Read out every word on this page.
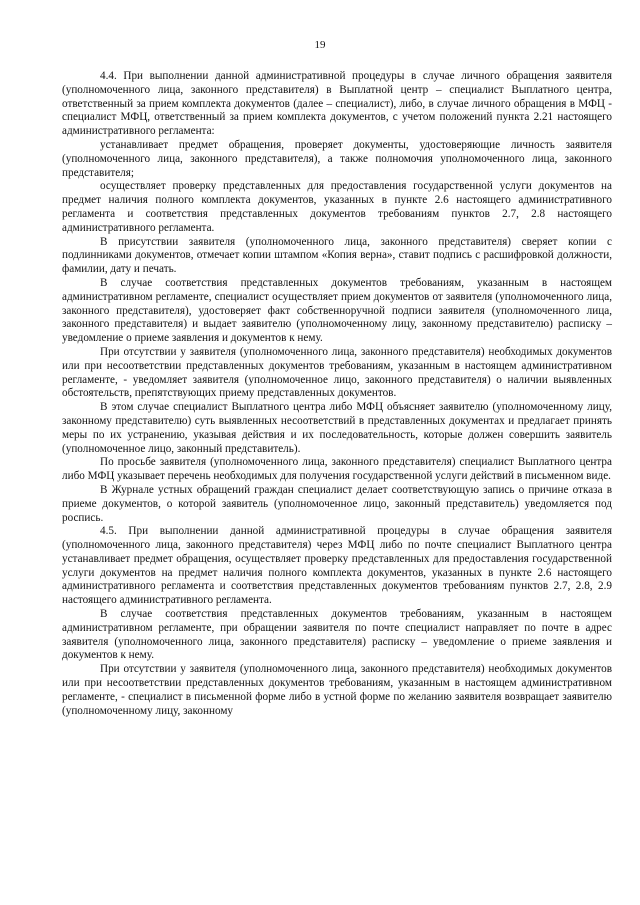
19

4.4. При выполнении данной административной процедуры в случае личного обращения заявителя (уполномоченного лица, законного представителя) в Выплатной центр – специалист Выплатного центра, ответственный за прием комплекта документов (далее – специалист), либо, в случае личного обращения в МФЦ - специалист МФЦ, ответственный за прием комплекта документов, с учетом положений пункта 2.21 настоящего административного регламента:

устанавливает предмет обращения, проверяет документы, удостоверяющие личность заявителя (уполномоченного лица, законного представителя), а также полномочия уполномоченного лица, законного представителя;

осуществляет проверку представленных для предоставления государственной услуги документов на предмет наличия полного комплекта документов, указанных в пункте 2.6 настоящего административного регламента и соответствия представленных документов требованиям пунктов 2.7, 2.8 настоящего административного регламента.

В присутствии заявителя (уполномоченного лица, законного представителя) сверяет копии с подлинниками документов, отмечает копии штампом «Копия верна», ставит подпись с расшифровкой должности, фамилии, дату и печать.

В случае соответствия представленных документов требованиям, указанным в настоящем административном регламенте, специалист осуществляет прием документов от заявителя (уполномоченного лица, законного представителя), удостоверяет факт собственноручной подписи заявителя (уполномоченного лица, законного представителя) и выдает заявителю (уполномоченному лицу, законному представителю) расписку – уведомление о приеме заявления и документов к нему.

При отсутствии у заявителя (уполномоченного лица, законного представителя) необходимых документов или при несоответствии представленных документов требованиям, указанным в настоящем административном регламенте, - уведомляет заявителя (уполномоченное лицо, законного представителя) о наличии выявленных обстоятельств, препятствующих приему представленных документов.

В этом случае специалист Выплатного центра либо МФЦ объясняет заявителю (уполномоченному лицу, законному представителю) суть выявленных несоответствий в представленных документах и предлагает принять меры по их устранению, указывая действия и их последовательность, которые должен совершить заявитель (уполномоченное лицо, законный представитель).

По просьбе заявителя (уполномоченного лица, законного представителя) специалист Выплатного центра либо МФЦ указывает перечень необходимых для получения государственной услуги действий в письменном виде.

В Журнале устных обращений граждан специалист делает соответствующую запись о причине отказа в приеме документов, о которой заявитель (уполномоченное лицо, законный представитель) уведомляется под роспись.

4.5. При выполнении данной административной процедуры в случае обращения заявителя (уполномоченного лица, законного представителя) через МФЦ либо по почте специалист Выплатного центра устанавливает предмет обращения, осуществляет проверку представленных для предоставления государственной услуги документов на предмет наличия полного комплекта документов, указанных в пункте 2.6 настоящего административного регламента и соответствия представленных документов требованиям пунктов 2.7, 2.8, 2.9 настоящего административного регламента.

В случае соответствия представленных документов требованиям, указанным в настоящем административном регламенте, при обращении заявителя по почте специалист направляет по почте в адрес заявителя (уполномоченного лица, законного представителя) расписку – уведомление о приеме заявления и документов к нему.

При отсутствии у заявителя (уполномоченного лица, законного представителя) необходимых документов или при несоответствии представленных документов требованиям, указанным в настоящем административном регламенте, - специалист в письменной форме либо в устной форме по желанию заявителя возвращает заявителю (уполномоченному лицу, законному
